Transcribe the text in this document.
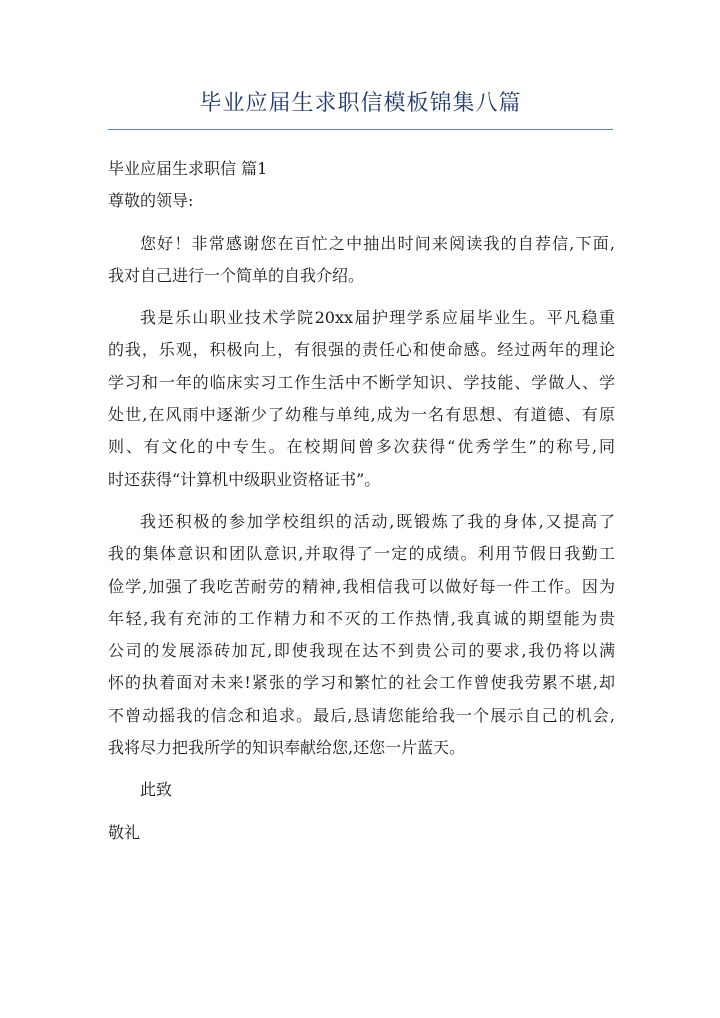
毕业应届生求职信模板锦集八篇

毕业应届生求职信 篇1

尊敬的领导:

您好！非常感谢您在百忙之中抽出时间来阅读我的自荐信,下面,

我对自己进行一个简单的自我介绍。

我是乐山职业技术学院20xx届护理学系应届毕业生。平凡稳重

的我，乐观，积极向上，有很强的责任心和使命感。经过两年的理论

学习和一年的临床实习工作生活中不断学知识、学技能、学做人、学

处世,在风雨中逐渐少了幼稚与单纯,成为一名有思想、有道德、有原

则、有文化的中专生。在校期间曾多次获得“优秀学生”的称号,同

时还获得“计算机中级职业资格证书”。

我还积极的参加学校组织的活动,既锻炼了我的身体,又提高了

我的集体意识和团队意识,并取得了一定的成绩。利用节假日我勤工

俭学,加强了我吃苦耐劳的精神,我相信我可以做好每一件工作。因为

年轻,我有充沛的工作精力和不灭的工作热情,我真诚的期望能为贵

公司的发展添砖加瓦,即使我现在达不到贵公司的要求,我仍将以满

怀的执着面对未来!紧张的学习和繁忙的社会工作曾使我劳累不堪,却

不曾动摇我的信念和追求。最后,恳请您能给我一个展示自己的机会,

我将尽力把我所学的知识奉献给您,还您一片蓝天。

此致

敬礼
